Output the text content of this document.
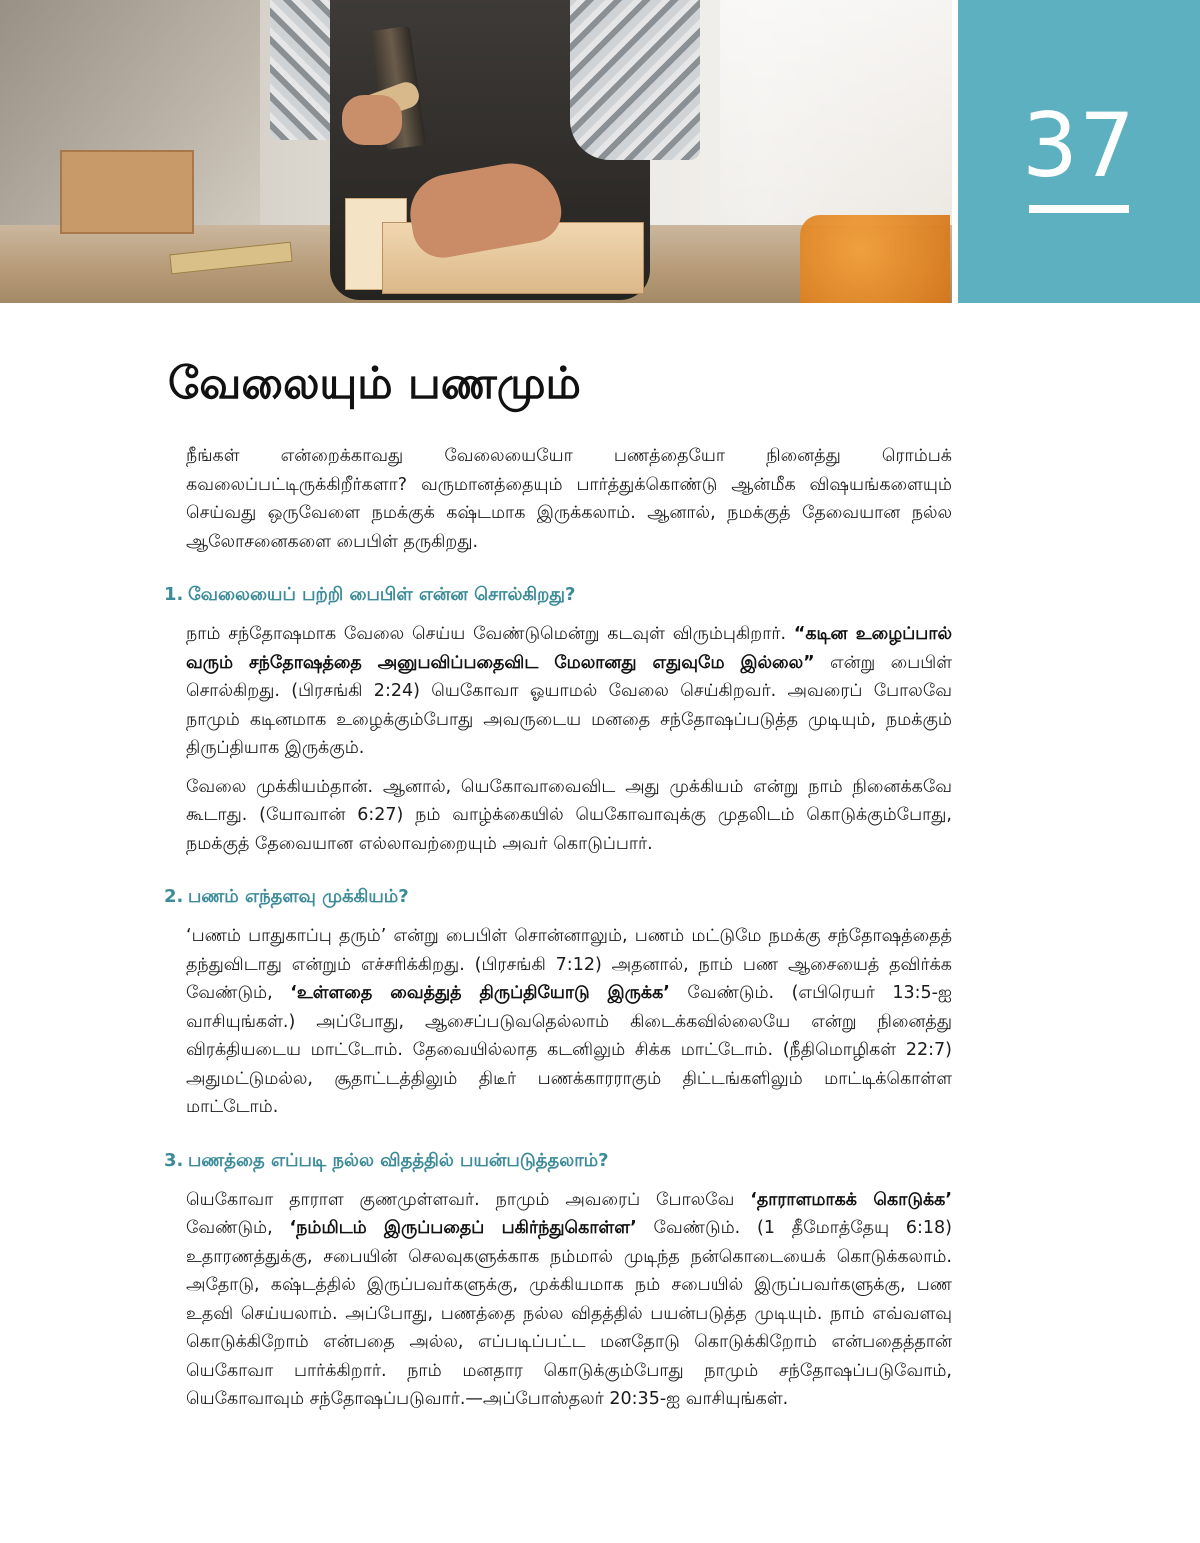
37
வேலையும் பணமும்

நீங்கள் என்றைக்காவது வேலையையோ பணத்தையோ நினைத்து ரொம்பக் கவலைப்பட்டிருக்கிறீர்களா? வருமானத்தையும் பார்த்துக்கொண்டு ஆன்மீக விஷயங்களையும் செய்வது ஒருவேளை நமக்குக் கஷ்டமாக இருக்கலாம். ஆனால், நமக்குத் தேவையான நல்ல ஆலோசனைகளை பைபிள் தருகிறது.

1. வேலையைப் பற்றி பைபிள் என்ன சொல்கிறது?

நாம் சந்தோஷமாக வேலை செய்ய வேண்டுமென்று கடவுள் விரும்புகிறார். “கடின உழைப்பால் வரும் சந்தோஷத்தை அனுபவிப்பதைவிட மேலானது எதுவுமே இல்லை” என்று பைபிள் சொல்கிறது. (பிரசங்கி 2:24) யெகோவா ஓயாமல் வேலை செய்கிறவர். அவரைப் போலவே நாமும் கடினமாக உழைக்கும்போது அவருடைய மனதை சந்தோஷப்படுத்த முடியும், நமக்கும் திருப்தியாக இருக்கும்.

வேலை முக்கியம்தான். ஆனால், யெகோவாவைவிட அது முக்கியம் என்று நாம் நினைக்கவே கூடாது. (யோவான் 6:27) நம் வாழ்க்கையில் யெகோவாவுக்கு முதலிடம் கொடுக்கும்போது, நமக்குத் தேவையான எல்லாவற்றையும் அவர் கொடுப்பார்.

2. பணம் எந்தளவு முக்கியம்?

‘பணம் பாதுகாப்பு தரும்’ என்று பைபிள் சொன்னாலும், பணம் மட்டுமே நமக்கு சந்தோஷத்தைத் தந்துவிடாது என்றும் எச்சரிக்கிறது. (பிரசங்கி 7:12) அதனால், நாம் பண ஆசையைத் தவிர்க்க வேண்டும், ‘உள்ளதை வைத்துத் திருப்தியோடு இருக்க’ வேண்டும். (எபிரெயர் 13:5-ஐ வாசியுங்கள்.) அப்போது, ஆசைப்படுவதெல்லாம் கிடைக்கவில்லையே என்று நினைத்து விரக்தியடைய மாட்டோம். தேவையில்லாத கடனிலும் சிக்க மாட்டோம். (நீதிமொழிகள் 22:7) அதுமட்டுமல்ல, சூதாட்டத்திலும் திடீர் பணக்காரராகும் திட்டங்களிலும் மாட்டிக்கொள்ள மாட்டோம்.

3. பணத்தை எப்படி நல்ல விதத்தில் பயன்படுத்தலாம்?

யெகோவா தாராள குணமுள்ளவர். நாமும் அவரைப் போலவே ‘தாராளமாகக் கொடுக்க’ வேண்டும், ‘நம்மிடம் இருப்பதைப் பகிர்ந்துகொள்ள’ வேண்டும். (1 தீமோத்தேயு 6:18) உதாரணத்துக்கு, சபையின் செலவுகளுக்காக நம்மால் முடிந்த நன்கொடையைக் கொடுக்கலாம். அதோடு, கஷ்டத்தில் இருப்பவர்களுக்கு, முக்கியமாக நம் சபையில் இருப்பவர்களுக்கு, பண உதவி செய்யலாம். அப்போது, பணத்தை நல்ல விதத்தில் பயன்படுத்த முடியும். நாம் எவ்வளவு கொடுக்கிறோம் என்பதை அல்ல, எப்படிப்பட்ட மனதோடு கொடுக்கிறோம் என்பதைத்தான் யெகோவா பார்க்கிறார். நாம் மனதார கொடுக்கும்போது நாமும் சந்தோஷப்படுவோம், யெகோவாவும் சந்தோஷப்படுவார்.—அப்போஸ்தலர் 20:35-ஐ வாசியுங்கள்.
